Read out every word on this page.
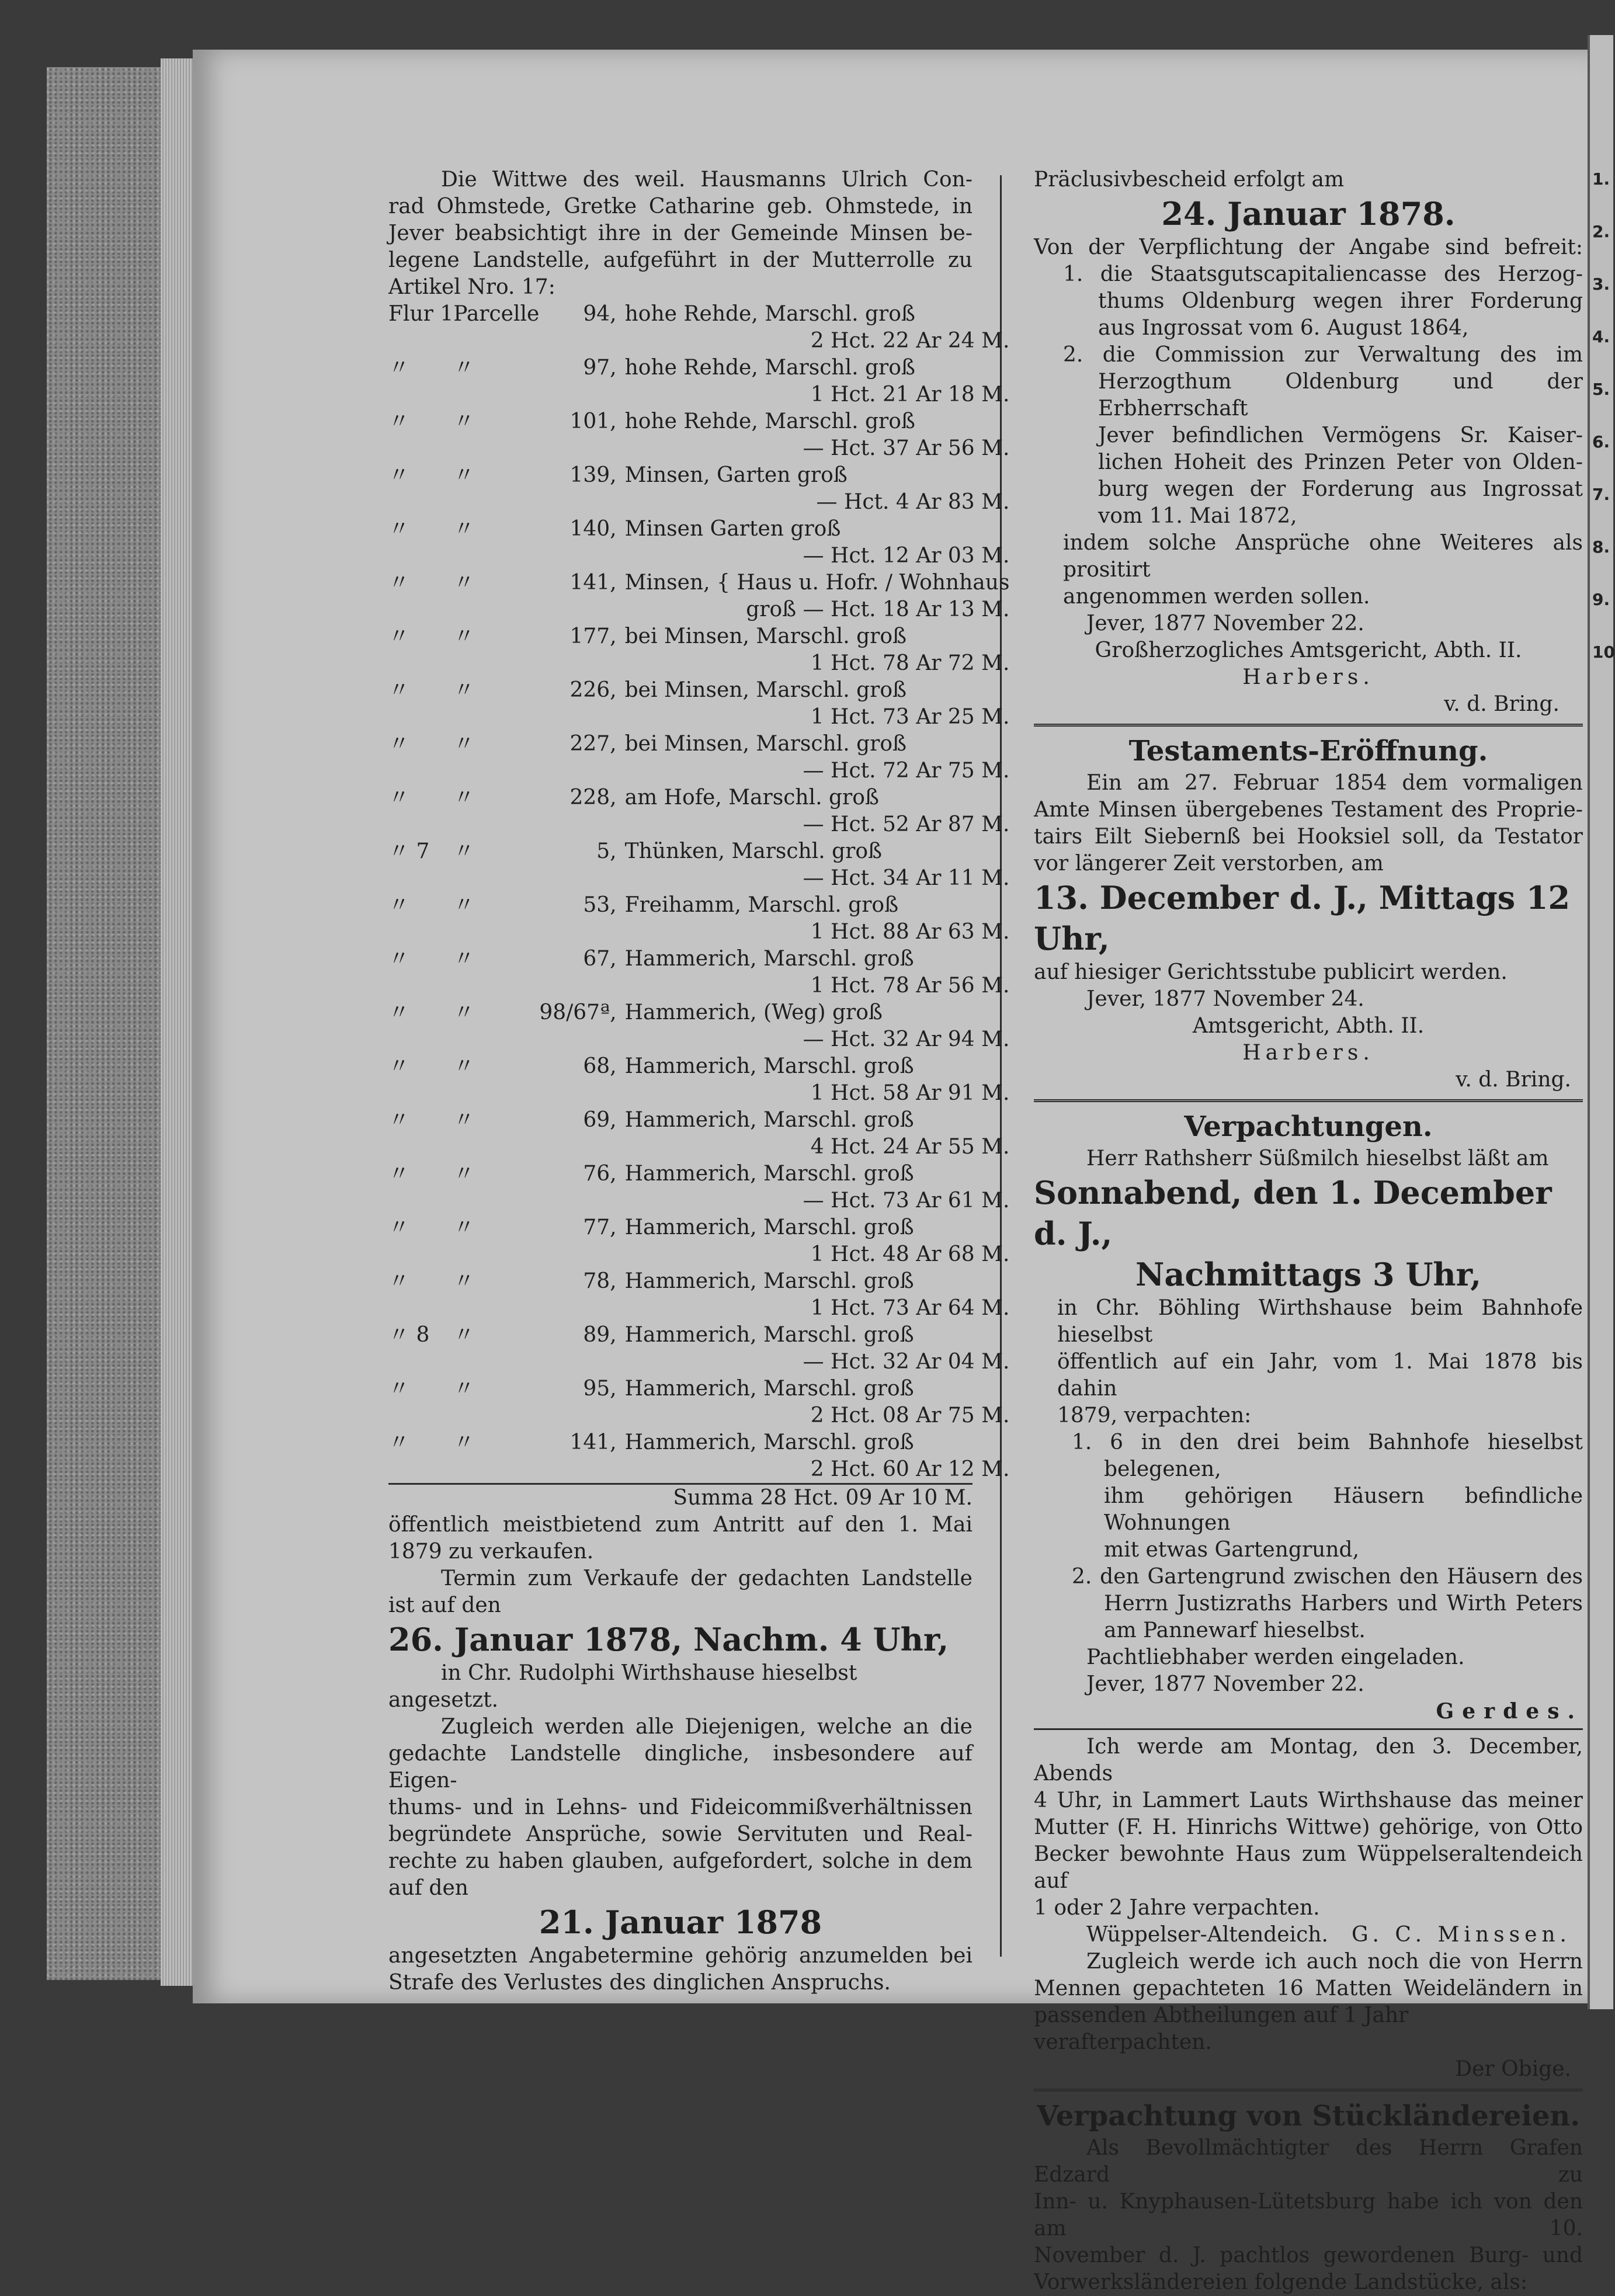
1.
2.
3.
4.
5.
6.
7.
8.
9.
10

Die Wittwe des weil. Hausmanns Ulrich Con-

rad Ohmstede, Gretke Catharine geb. Ohmstede, in

Jever beabsichtigt ihre in der Gemeinde Minsen be-

legene Landstelle, aufgeführt in der Mutterrolle zu

Artikel Nro. 17:

Flur 1	Parcelle	94,	hohe Rehde, Marschl. groß
2 Hct. 22 Ar 24 M.			
〃	〃	97,	hohe Rehde, Marschl. groß
1 Hct. 21 Ar 18 M.			
〃	〃	101,	hohe Rehde, Marschl. groß
— Hct. 37 Ar 56 M.			
〃	〃	139,	Minsen, Garten groß
— Hct. 4 Ar 83 M.			
〃	〃	140,	Minsen Garten groß
— Hct. 12 Ar 03 M.			
〃	〃	141,	Minsen, { Haus u. Hofr. / Wohnhaus
groß — Hct. 18 Ar 13 M.			
〃	〃	177,	bei Minsen, Marschl. groß
1 Hct. 78 Ar 72 M.			
〃	〃	226,	bei Minsen, Marschl. groß
1 Hct. 73 Ar 25 M.			
〃	〃	227,	bei Minsen, Marschl. groß
— Hct. 72 Ar 75 M.			
〃	〃	228,	am Hofe, Marschl. groß
— Hct. 52 Ar 87 M.			
〃 7	〃	5,	Thünken, Marschl. groß
— Hct. 34 Ar 11 M.			
〃	〃	53,	Freihamm, Marschl. groß
1 Hct. 88 Ar 63 M.			
〃	〃	67,	Hammerich, Marschl. groß
1 Hct. 78 Ar 56 M.			
〃	〃	98/67ª,	Hammerich, (Weg) groß
— Hct. 32 Ar 94 M.			
〃	〃	68,	Hammerich, Marschl. groß
1 Hct. 58 Ar 91 M.			
〃	〃	69,	Hammerich, Marschl. groß
4 Hct. 24 Ar 55 M.			
〃	〃	76,	Hammerich, Marschl. groß
— Hct. 73 Ar 61 M.			
〃	〃	77,	Hammerich, Marschl. groß
1 Hct. 48 Ar 68 M.			
〃	〃	78,	Hammerich, Marschl. groß
1 Hct. 73 Ar 64 M.			
〃 8	〃	89,	Hammerich, Marschl. groß
— Hct. 32 Ar 04 M.			
〃	〃	95,	Hammerich, Marschl. groß
2 Hct. 08 Ar 75 M.			
〃	〃	141,	Hammerich, Marschl. groß
2 Hct. 60 Ar 12 M.			

Summa 28 Hct. 09 Ar 10 M.

öffentlich meistbietend zum Antritt auf den 1. Mai

1879 zu verkaufen.

Termin zum Verkaufe der gedachten Landstelle

ist auf den

26. Januar 1878, Nachm. 4 Uhr,

in Chr. Rudolphi Wirthshause hieselbst angesetzt.

Zugleich werden alle Diejenigen, welche an die

gedachte Landstelle dingliche, insbesondere auf Eigen-

thums- und in Lehns- und Fideicommißverhältnissen

begründete Ansprüche, sowie Servituten und Real-

rechte zu haben glauben, aufgefordert, solche in dem

auf den

21. Januar 1878

angesetzten Angabetermine gehörig anzumelden bei

Strafe des Verlustes des dinglichen Anspruchs.

Präclusivbescheid erfolgt am

24. Januar 1878.

Von der Verpflichtung der Angabe sind befreit:

1. die Staatsgutscapitaliencasse des Herzog-

thums Oldenburg wegen ihrer Forderung

aus Ingrossat vom 6. August 1864,

2. die Commission zur Verwaltung des im

Herzogthum Oldenburg und der Erbherrschaft

Jever befindlichen Vermögens Sr. Kaiser-

lichen Hoheit des Prinzen Peter von Olden-

burg wegen der Forderung aus Ingrossat

vom 11. Mai 1872,

indem solche Ansprüche ohne Weiteres als prositirt

angenommen werden sollen.

Jever, 1877 November 22.

Großherzogliches Amtsgericht, Abth. II.

Harbers.

v. d. Bring.

Testaments-Eröffnung.

Ein am 27. Februar 1854 dem vormaligen

Amte Minsen übergebenes Testament des Proprie-

tairs Eilt Siebernß bei Hooksiel soll, da Testator

vor längerer Zeit verstorben, am

13. December d. J., Mittags 12 Uhr,

auf hiesiger Gerichtsstube publicirt werden.

Jever, 1877 November 24.

Amtsgericht, Abth. II.

Harbers.

v. d. Bring.

Verpachtungen.

Herr Rathsherr Süßmilch hieselbst läßt am

Sonnabend, den 1. December d. J.,

Nachmittags 3 Uhr,

in Chr. Böhling Wirthshause beim Bahnhofe hieselbst

öffentlich auf ein Jahr, vom 1. Mai 1878 bis dahin

1879, verpachten:

1. 6 in den drei beim Bahnhofe hieselbst belegenen,

ihm gehörigen Häusern befindliche Wohnungen

mit etwas Gartengrund,

2. den Gartengrund zwischen den Häusern des

Herrn Justizraths Harbers und Wirth Peters

am Pannewarf hieselbst.

Pachtliebhaber werden eingeladen.

Jever, 1877 November 22.

Gerdes.

Ich werde am Montag, den 3. December, Abends

4 Uhr, in Lammert Lauts Wirthshause das meiner

Mutter (F. H. Hinrichs Wittwe) gehörige, von Otto

Becker bewohnte Haus zum Wüppelseraltendeich auf

1 oder 2 Jahre verpachten.

Wüppelser-Altendeich. G. C. Minssen.

Zugleich werde ich auch noch die von Herrn

Mennen gepachteten 16 Matten Weideländern in

passenden Abtheilungen auf 1 Jahr verafterpachten.

Der Obige.

Verpachtung von Stückländereien.

Als Bevollmächtigter des Herrn Grafen Edzard zu

Inn- u. Knyphausen-Lütetsburg habe ich von den am 10.

November d. J. pachtlos gewordenen Burg- und

Vorwerksländereien folgende Landstücke, als:
